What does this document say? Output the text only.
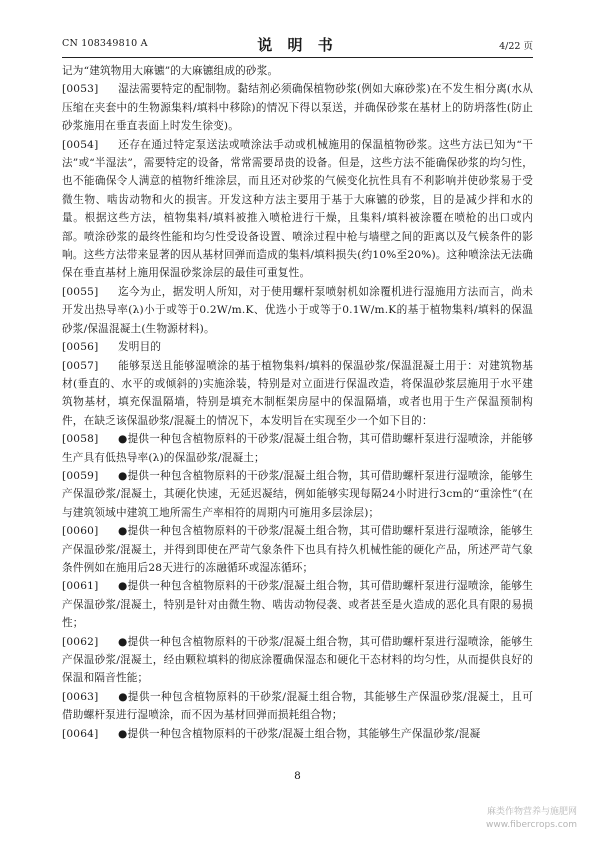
CN 108349810 A	说 明 书	4/22 页

记为“建筑物用大麻镳”的大麻镳组成的砂浆。

[0053] 湿法需要特定的配制物。黏结剂必须确保植物砂浆(例如大麻砂浆)在不发生相分离(水从压缩在夹套中的生物源集料/填料中移除)的情况下得以泵送，并确保砂浆在基材上的防坍落性(防止砂浆施用在垂直表面上时发生徐变)。

[0054] 还存在通过特定泵送法或喷涂法手动或机械施用的保温植物砂浆。这些方法已知为“干法”或“半湿法”，需要特定的设备，常常需要昂贵的设备。但是，这些方法不能确保砂浆的均匀性，也不能确保令人满意的植物纤维涂层，而且还对砂浆的气候变化抗性具有不利影响并使砂浆易于受微生物、啮齿动物和火的损害。开发这种方法主要用于基于大麻镳的砂浆，目的是减少拌和水的量。根据这些方法，植物集料/填料被推入喷枪进行干燥，且集料/填料被涂覆在喷枪的出口或内部。喷涂砂浆的最终性能和均匀性受设备设置、喷涂过程中枪与墙壁之间的距离以及气候条件的影响。这些方法带来显著的因从基材回弹而造成的集料/填料损失(约10%至20%)。这种喷涂法无法确保在垂直基材上施用保温砂浆涂层的最佳可重复性。

[0055] 迄今为止，据发明人所知，对于使用螺杆泵喷射机如涂覆机进行湿施用方法而言，尚未开发出热导率(λ)小于或等于0.2W/m.K、优选小于或等于0.1W/m.K的基于植物集料/填料的保温砂浆/保温混凝土(生物源材料)。

[0056] 发明目的

[0057] 能够泵送且能够湿喷涂的基于植物集料/填料的保温砂浆/保温混凝土用于：对建筑物基材(垂直的、水平的或倾斜的)实施涂装，特别是对立面进行保温改造，将保温砂浆层施用于水平建筑物基材，填充保温隔墙，特别是填充木制框架房屋中的保温隔墙，或者也用于生产保温预制构件，在缺乏该保温砂浆/混凝土的情况下，本发明旨在实现至少一个如下目的：

[0058] ●提供一种包含植物原料的干砂浆/混凝土组合物，其可借助螺杆泵进行湿喷涂，并能够生产具有低热导率(λ)的保温砂浆/混凝土；

[0059] ●提供一种包含植物原料的干砂浆/混凝土组合物，其可借助螺杆泵进行湿喷涂，能够生产保温砂浆/混凝土，其硬化快速，无延迟凝结，例如能够实现每隔24小时进行3cm的“重涂性”(在与建筑领域中建筑工地所需生产率相符的周期内可施用多层涂层)；

[0060] ●提供一种包含植物原料的干砂浆/混凝土组合物，其可借助螺杆泵进行湿喷涂，能够生产保温砂浆/混凝土，并得到即使在严苛气象条件下也具有持久机械性能的硬化产品，所述严苛气象条件例如在施用后28天进行的冻融循环或湿冻循环；

[0061] ●提供一种包含植物原料的干砂浆/混凝土组合物，其可借助螺杆泵进行湿喷涂，能够生产保温砂浆/混凝土，特别是针对由微生物、啮齿动物侵袭、或者甚至是火造成的恶化具有限的易损性；

[0062] ●提供一种包含植物原料的干砂浆/混凝土组合物，其可借助螺杆泵进行湿喷涂，能够生产保温砂浆/混凝土，经由颗粒填料的彻底涂覆确保湿态和硬化干态材料的均匀性，从而提供良好的保温和隔音性能；

[0063] ●提供一种包含植物原料的干砂浆/混凝土组合物，其能够生产保温砂浆/混凝土，且可借助螺杆泵进行湿喷涂，而不因为基材回弹而损耗组合物；

[0064] ●提供一种包含植物原料的干砂浆/混凝土组合物，其能够生产保温砂浆/混凝

8
麻类作物营养与施肥网
www.fibercrops.com
